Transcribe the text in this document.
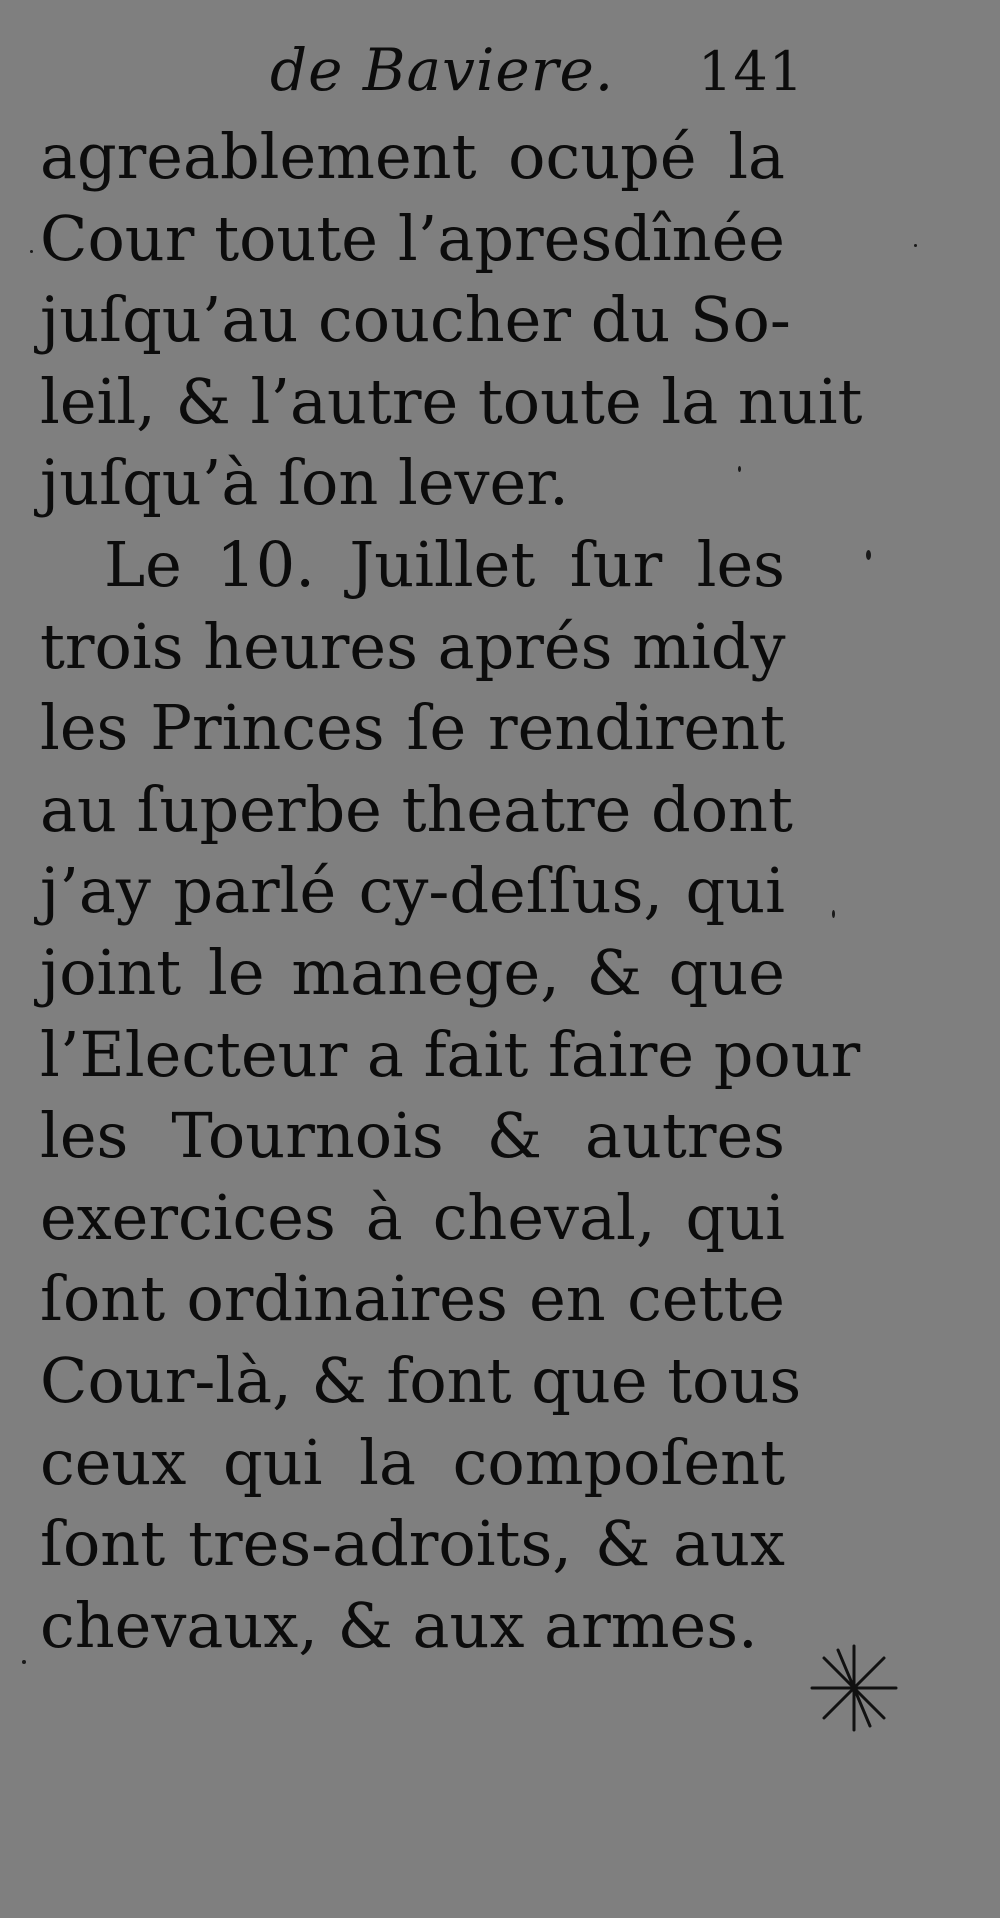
de Baviere. 141
agreablement ocupé la
Cour toute l’apresdînée
juſqu’au coucher du So-
leil, & l’autre toute la nuit
juſqu’à ſon lever.
Le 10. Juillet ſur les
trois heures aprés midy
les Princes ſe rendirent
au ſuperbe theatre dont
j’ay parlé cy-deſſus, qui
joint le manege, & que
l’Electeur a fait faire pour
les Tournois & autres
exercices à cheval, qui
ſont ordinaires en cette
Cour-là, & font que tous
ceux qui la compoſent
ſont tres-adroits, & aux
chevaux, & aux armes.
